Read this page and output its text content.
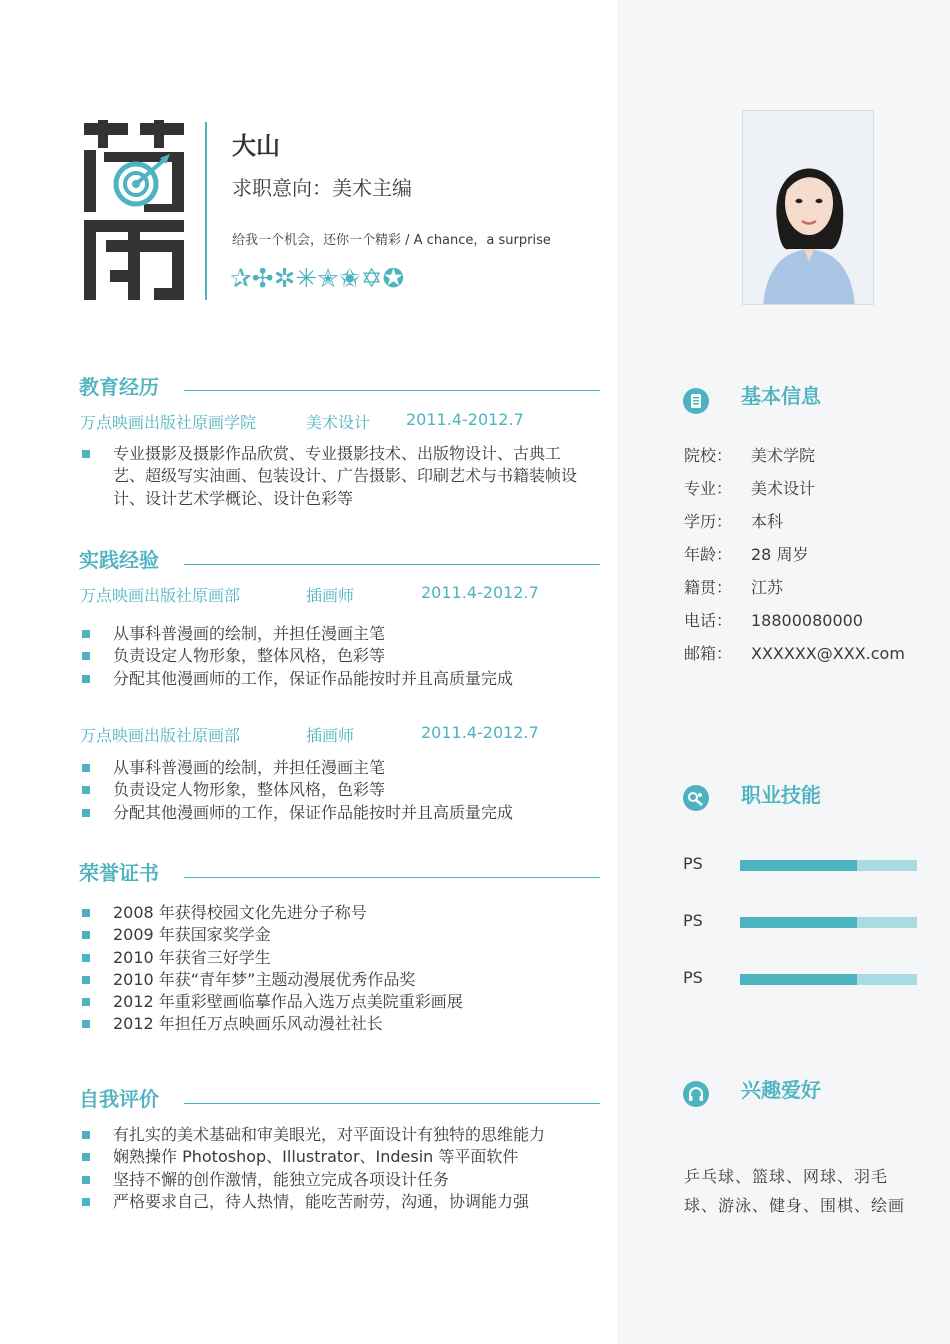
大山
求职意向：美术主编
给我一个机会，还你一个精彩 / A chance，a surprise
✰✣✲✳✭✬✡✪
教育经历
万点映画出版社原画学院	美术设计 2011.4-2012.7
专业摄影及摄影作品欣赏、专业摄影技术、出版物设计、古典工艺、超级写实油画、包装设计、广告摄影、印刷艺术与书籍装帧设计、设计艺术学概论、设计色彩等
实践经验
万点映画出版社原画部	插画师	2011.4-2012.7
从事科普漫画的绘制，并担任漫画主笔
负责设定人物形象，整体风格，色彩等
分配其他漫画师的工作，保证作品能按时并且高质量完成
万点映画出版社原画部	插画师	2011.4-2012.7
从事科普漫画的绘制，并担任漫画主笔
负责设定人物形象，整体风格，色彩等
分配其他漫画师的工作，保证作品能按时并且高质量完成
荣誉证书
2008 年获得校园文化先进分子称号
2009 年获国家奖学金
2010 年获省三好学生
2010 年获“青年梦”主题动漫展优秀作品奖
2012 年重彩壁画临摹作品入选万点美院重彩画展
2012 年担任万点映画乐风动漫社社长
自我评价
有扎实的美术基础和审美眼光，对平面设计有独特的思维能力
娴熟操作 Photoshop、Illustrator、Indesin 等平面软件
坚持不懈的创作激情，能独立完成各项设计任务
严格要求自己，待人热情，能吃苦耐劳，沟通，协调能力强
基本信息
院校： 美术学院
专业： 美术设计
学历： 本科
年龄： 28 周岁
籍贯： 江苏
电话： 18800080000
邮箱： XXXXXX@XXX.com
职业技能
PS
PS
PS
兴趣爱好
乒乓球、篮球、网球、羽毛球、游泳、健身、围棋、绘画
